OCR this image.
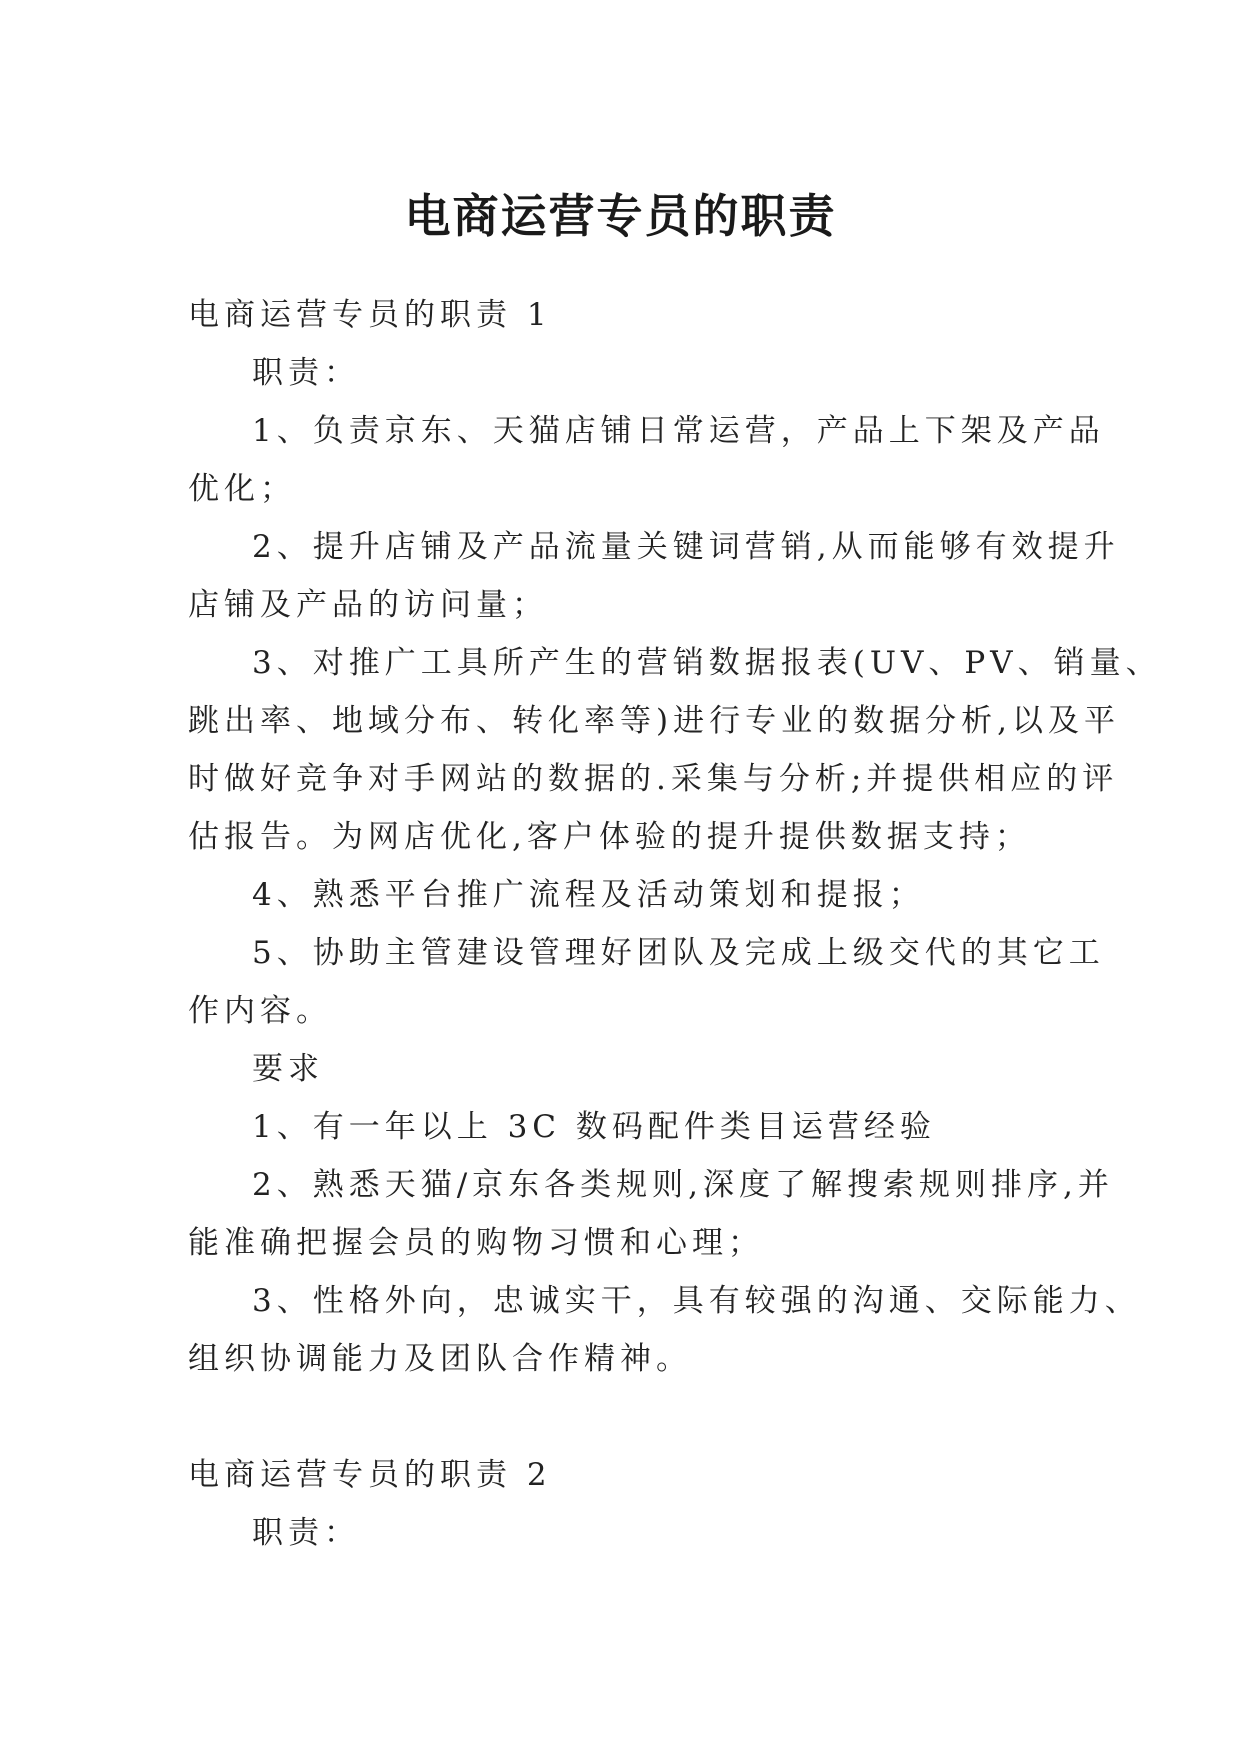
电商运营专员的职责

电商运营专员的职责 1

职责：

1、负责京东、天猫店铺日常运营，产品上下架及产品

优化；

2、提升店铺及产品流量关键词营销,从而能够有效提升

店铺及产品的访问量；

3、对推广工具所产生的营销数据报表(UV、PV、销量、

跳出率、地域分布、转化率等)进行专业的数据分析,以及平

时做好竞争对手网站的数据的.采集与分析;并提供相应的评

估报告。为网店优化,客户体验的提升提供数据支持；

4、熟悉平台推广流程及活动策划和提报；

5、协助主管建设管理好团队及完成上级交代的其它工

作内容。

要求

1、有一年以上 3C 数码配件类目运营经验

2、熟悉天猫/京东各类规则,深度了解搜索规则排序,并

能准确把握会员的购物习惯和心理；

3、性格外向，忠诚实干，具有较强的沟通、交际能力、

组织协调能力及团队合作精神。

电商运营专员的职责 2

职责：
